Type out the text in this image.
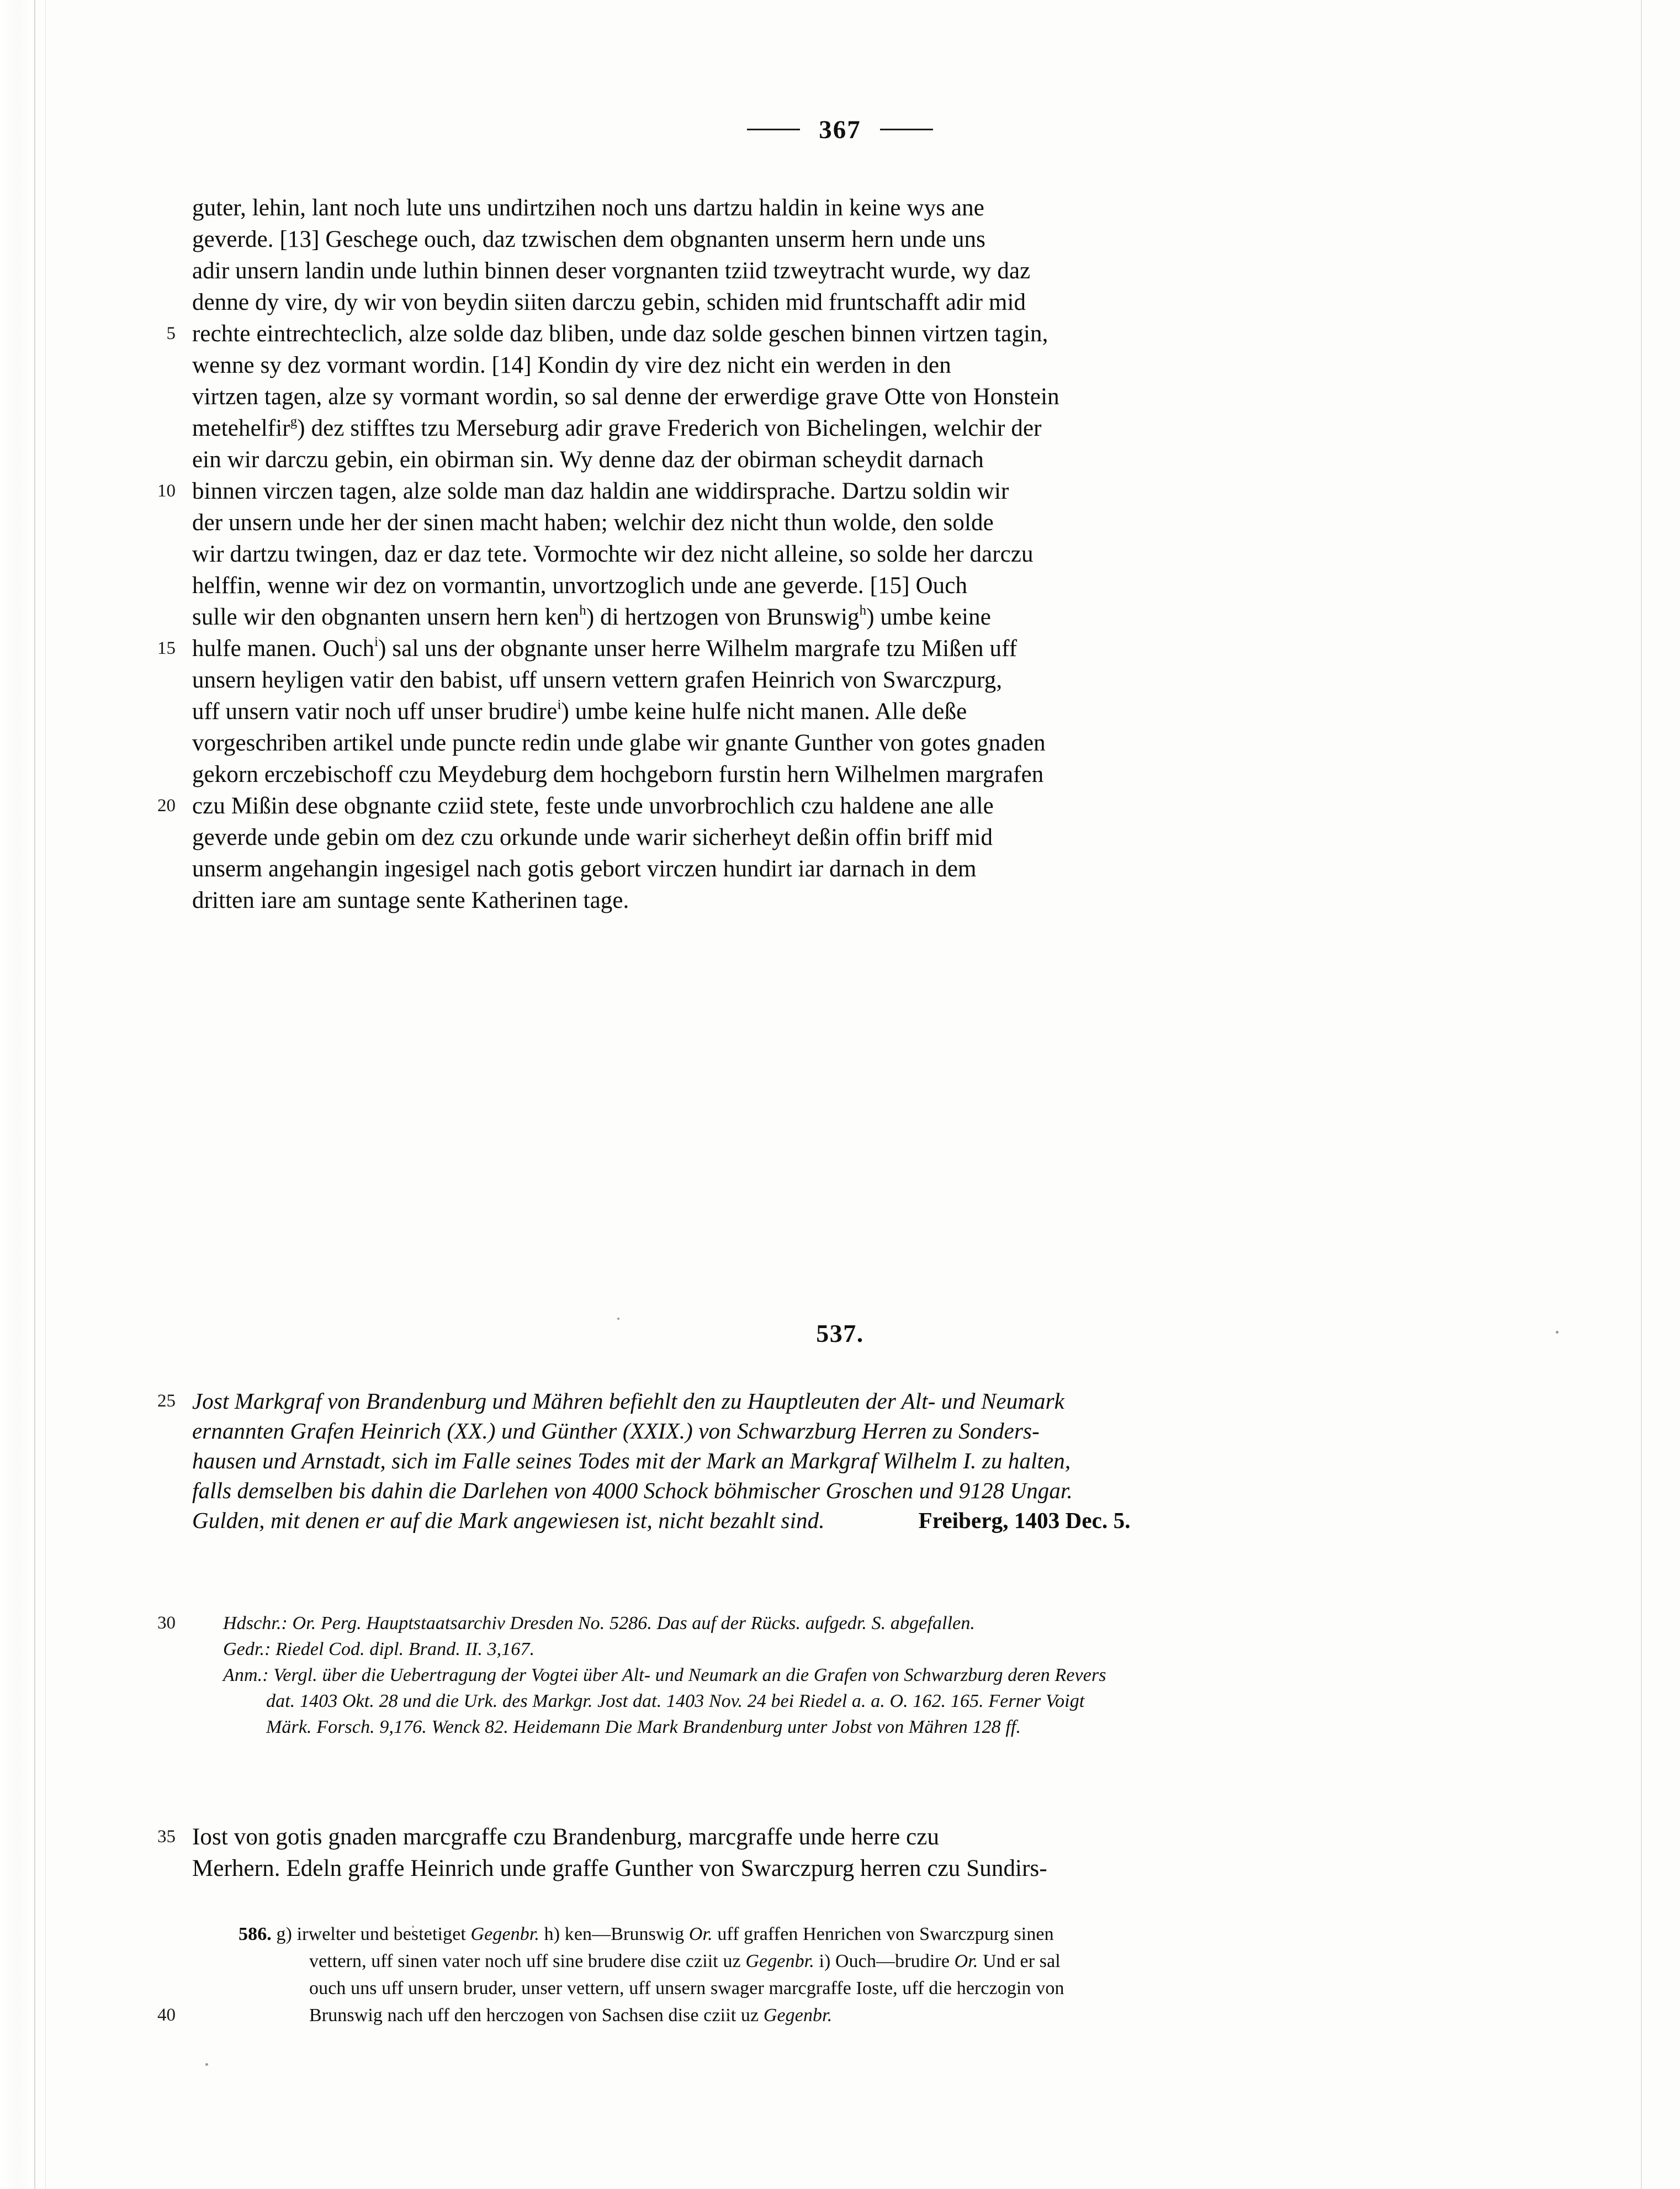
367
guter, lehin, lant noch lute uns undirtzihen noch uns dartzu haldin in keine wys ane
geverde. [13] Geschege ouch, daz tzwischen dem obgnanten unserm hern unde uns
adir unsern landin unde luthin binnen deser vorgnanten tziid tzweytracht wurde, wy daz
denne dy vire, dy wir von beydin siiten darczu gebin, schiden mid fruntschafft adir mid
5 rechte eintrechteclich, alze solde daz bliben, unde daz solde geschen binnen virtzen tagin,
wenne sy dez vormant wordin. [14] Kondin dy vire dez nicht ein werden in den
virtzen tagen, alze sy vormant wordin, so sal denne der erwerdige grave Otte von Honstein
metehelfir$^g$) dez stifftes tzu Merseburg adir grave Frederich von Bichelingen, welchir der
ein wir darczu gebin, ein obirman sin. Wy denne daz der obirman scheydit darnach
10 binnen virczen tagen, alze solde man daz haldin ane widdirsprache. Dartzu soldin wir
der unsern unde her der sinen macht haben; welchir dez nicht thun wolde, den solde
wir dartzu twingen, daz er daz tete. Vormochte wir dez nicht alleine, so solde her darczu
helffin, wenne wir dez on vormantin, unvortzoglich unde ane geverde. [15] Ouch
sulle wir den obgnanten unsern hern ken$^h$) di hertzogen von Brunswig$^h$) umbe keine
15 hulfe manen. Ouch$^i$) sal uns der obgnante unser herre Wilhelm margrafe tzu Mißen uff
unsern heyligen vatir den babist, uff unsern vettern grafen Heinrich von Swarczpurg,
uff unsern vatir noch uff unser brudire$^i$) umbe keine hulfe nicht manen. Alle deße
vorgeschriben artikel unde puncte redin unde glabe wir gnante Gunther von gotes gnaden
gekorn erczebischoff czu Meydeburg dem hochgeborn furstin hern Wilhelmen margrafen
20 czu Mißin dese obgnante cziid stete, feste unde unvorbrochlich czu haldene ane alle
geverde unde gebin om dez czu orkunde unde warir sicherheyt deßin offin briff mid
unserm angehangin ingesigel nach gotis gebort virczen hundirt iar darnach in dem
dritten iare am suntage sente Katherinen tage.
537.
25 Jost Markgraf von Brandenburg und Mähren befiehlt den zu Hauptleuten der Alt- und Neumark
ernannten Grafen Heinrich (XX.) und Günther (XXIX.) von Schwarzburg Herren zu Sonders-
hausen und Arnstadt, sich im Falle seines Todes mit der Mark an Markgraf Wilhelm I. zu halten,
falls demselben bis dahin die Darlehen von 4000 Schock böhmischer Groschen und 9128 Ungar.
Gulden, mit denen er auf die Mark angewiesen ist, nicht bezahlt sind.	Freiberg, 1403 Dec. 5.
30	Hdschr.: Or. Perg. Hauptstaatsarchiv Dresden No. 5286. Das auf der Rücks. aufgedr. S. abgefallen.
Gedr.: Riedel Cod. dipl. Brand. II. 3,167.
Anm.: Vergl. über die Uebertragung der Vogtei über Alt- und Neumark an die Grafen von Schwarzburg deren Revers
dat. 1403 Okt. 28 und die Urk. des Markgr. Jost dat. 1403 Nov. 24 bei Riedel a. a. O. 162. 165. Ferner Voigt
Märk. Forsch. 9,176. Wenck 82. Heidemann Die Mark Brandenburg unter Jobst von Mähren 128 ff.
35 Iost von gotis gnaden marcgraffe czu Brandenburg, marcgraffe unde herre czu
Merhern. Edeln graffe Heinrich unde graffe Gunther von Swarczpurg herren czu Sundirs-
586. g) irwelter und bestetiget Gegenbr. h) ken—Brunswig Or. uff graffen Henrichen von Swarczpurg sinen
vettern, uff sinen vater noch uff sine brudere dise cziit uz Gegenbr. i) Ouch—brudire Or. Und er sal
ouch uns uff unsern bruder, unser vettern, uff unsern swager marcgraffe Ioste, uff die herczogin von
40	Brunswig nach uff den herczogen von Sachsen dise cziit uz Gegenbr.
